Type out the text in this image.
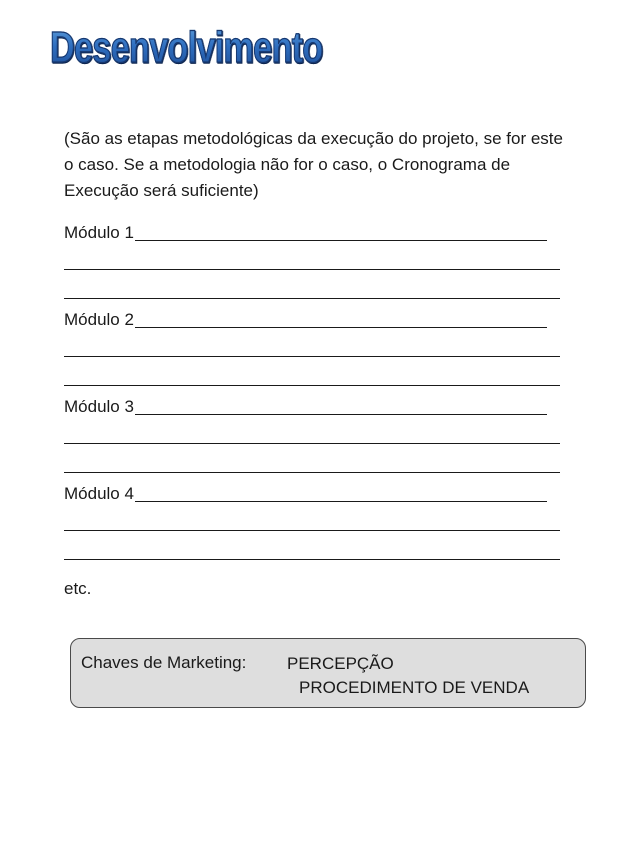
Desenvolvimento

(São as etapas metodológicas da execução do projeto, se for este o caso. Se a metodologia não for o caso, o Cronograma de Execução será suficiente)

Módulo 1
Módulo 2
Módulo 3
Módulo 4

etc.

Chaves de Marketing: PERCEPÇÃO
PROCEDIMENTO DE VENDA
